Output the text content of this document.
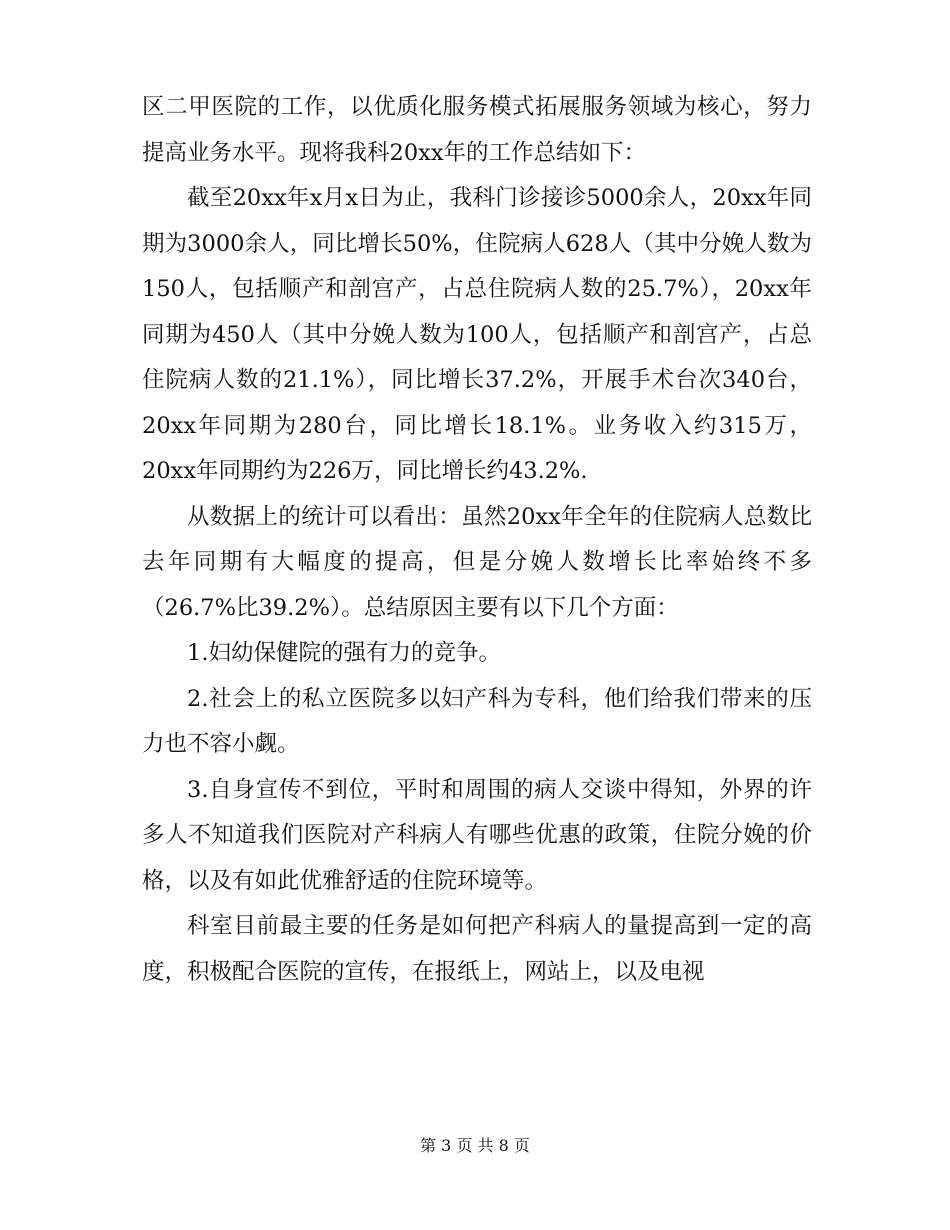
区二甲医院的工作，以优质化服务模式拓展服务领域为核心，努力提高业务水平。现将我科20xx年的工作总结如下：

截至20xx年x月x日为止，我科门诊接诊5000余人，20xx年同期为3000余人，同比增长50%，住院病人628人（其中分娩人数为150人，包括顺产和剖宫产，占总住院病人数的25.7%），20xx年同期为450人（其中分娩人数为100人，包括顺产和剖宫产，占总住院病人数的21.1%），同比增长37.2%，开展手术台次340台，20xx年同期为280台，同比增长18.1%。业务收入约315万，20xx年同期约为226万，同比增长约43.2%.

从数据上的统计可以看出：虽然20xx年全年的住院病人总数比去年同期有大幅度的提高，但是分娩人数增长比率始终不多（26.7%比39.2%）。总结原因主要有以下几个方面：

1.妇幼保健院的强有力的竞争。

2.社会上的私立医院多以妇产科为专科，他们给我们带来的压力也不容小觑。

3.自身宣传不到位，平时和周围的病人交谈中得知，外界的许多人不知道我们医院对产科病人有哪些优惠的政策，住院分娩的价格，以及有如此优雅舒适的住院环境等。

科室目前最主要的任务是如何把产科病人的量提高到一定的高度，积极配合医院的宣传，在报纸上，网站上，以及电视

第 3 页 共 8 页
